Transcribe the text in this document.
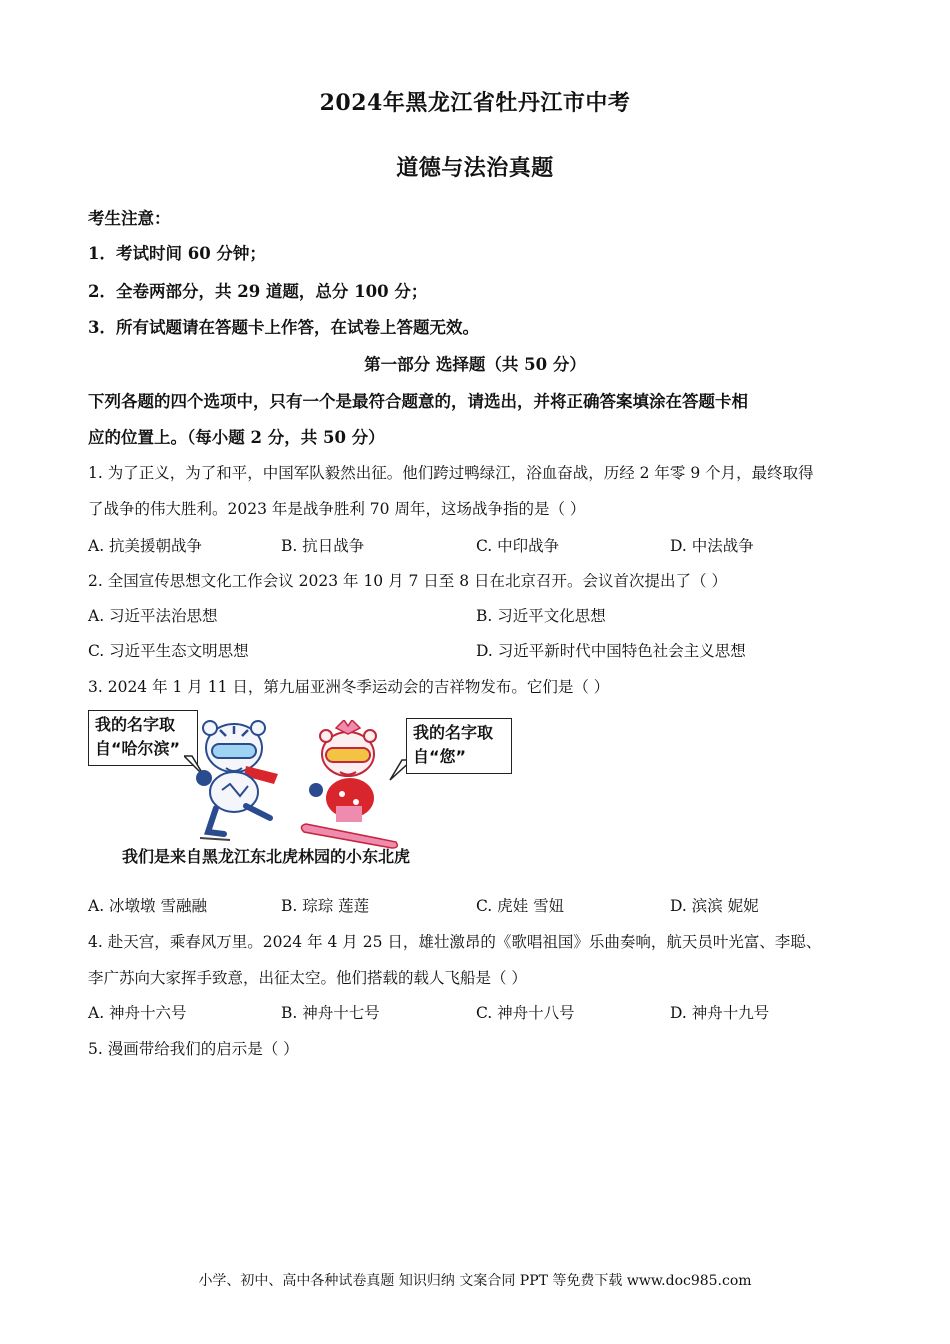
2024年黑龙江省牡丹江市中考
道德与法治真题
考生注意：
1．考试时间 60 分钟；
2．全卷两部分，共 29 道题，总分 100 分；
3．所有试题请在答题卡上作答，在试卷上答题无效。
第一部分 选择题（共 50 分）
下列各题的四个选项中，只有一个是最符合题意的，请选出，并将正确答案填涂在答题卡相
应的位置上。（每小题 2 分，共 50 分）
1. 为了正义，为了和平，中国军队毅然出征。他们跨过鸭绿江，浴血奋战，历经 2 年零 9 个月，最终取得
了战争的伟大胜利。2023 年是战争胜利 70 周年，这场战争指的是（ ）
A. 抗美援朝战争	B. 抗日战争	C. 中印战争	D. 中法战争
2. 全国宣传思想文化工作会议 2023 年 10 月 7 日至 8 日在北京召开。会议首次提出了（ ）
A. 习近平法治思想	B. 习近平文化思想
C. 习近平生态文明思想	D. 习近平新时代中国特色社会主义思想
3. 2024 年 1 月 11 日，第九届亚洲冬季运动会的吉祥物发布。它们是（ ）
我的名字取
自“哈尔滨”
我的名字取
自“您”
我们是来自黑龙江东北虎林园的小东北虎
A. 冰墩墩 雪融融	B. 琮琮 莲莲	C. 虎娃 雪妞	D. 滨滨 妮妮
4. 赴天宫，乘春风万里。2024 年 4 月 25 日，雄壮激昂的《歌唱祖国》乐曲奏响，航天员叶光富、李聪、
李广苏向大家挥手致意，出征太空。他们搭载的载人飞船是（ ）
A. 神舟十六号	B. 神舟十七号	C. 神舟十八号	D. 神舟十九号
5. 漫画带给我们的启示是（ ）
小学、初中、高中各种试卷真题 知识归纳 文案合同 PPT 等免费下载 www.doc985.com
